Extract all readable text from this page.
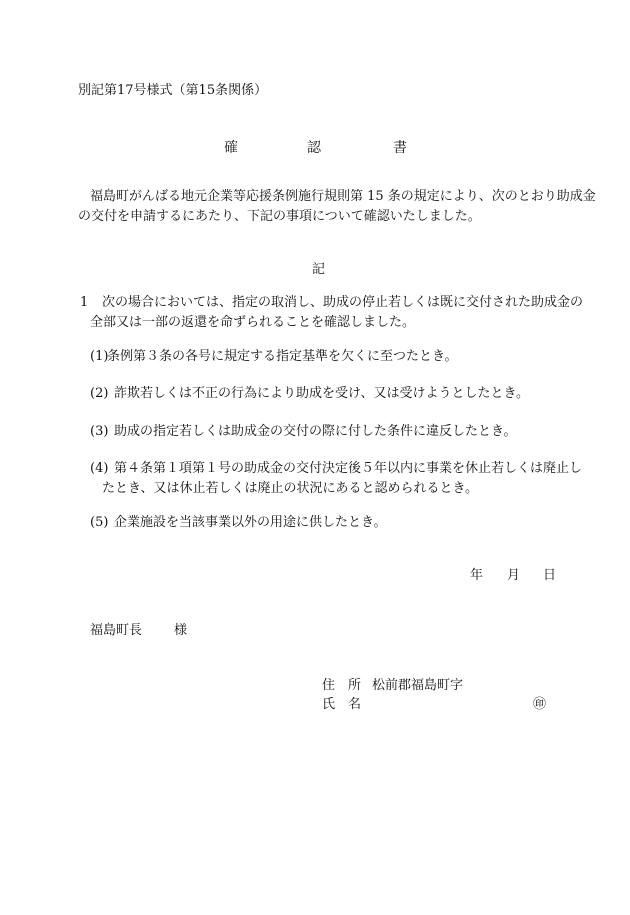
別記第17号様式（第15条関係）
確	認	書
福島町がんばる地元企業等応援条例施行規則第 15 条の規定により、次のとおり助成金
の交付を申請するにあたり、下記の事項について確認いたしました。
記
1 次の場合においては、指定の取消し、助成の停止若しくは既に交付された助成金の
全部又は一部の返還を命ずられることを確認しました。
(1)
条例第３条の各号に規定する指定基準を欠くに至つたとき。
(2) 詐欺若しくは不正の行為により助成を受け、又は受けようとしたとき。
(3) 助成の指定若しくは助成金の交付の際に付した条件に違反したとき。
(4) 第４条第１項第１号の助成金の交付決定後５年以内に事業を休止若しくは廃止し
たとき、又は休止若しくは廃止の状況にあると認められるとき。
(5) 企業施設を当該事業以外の用途に供したとき。
年 月 日
福島町長 様
住　所 松前郡福島町字
氏　名	㊞
